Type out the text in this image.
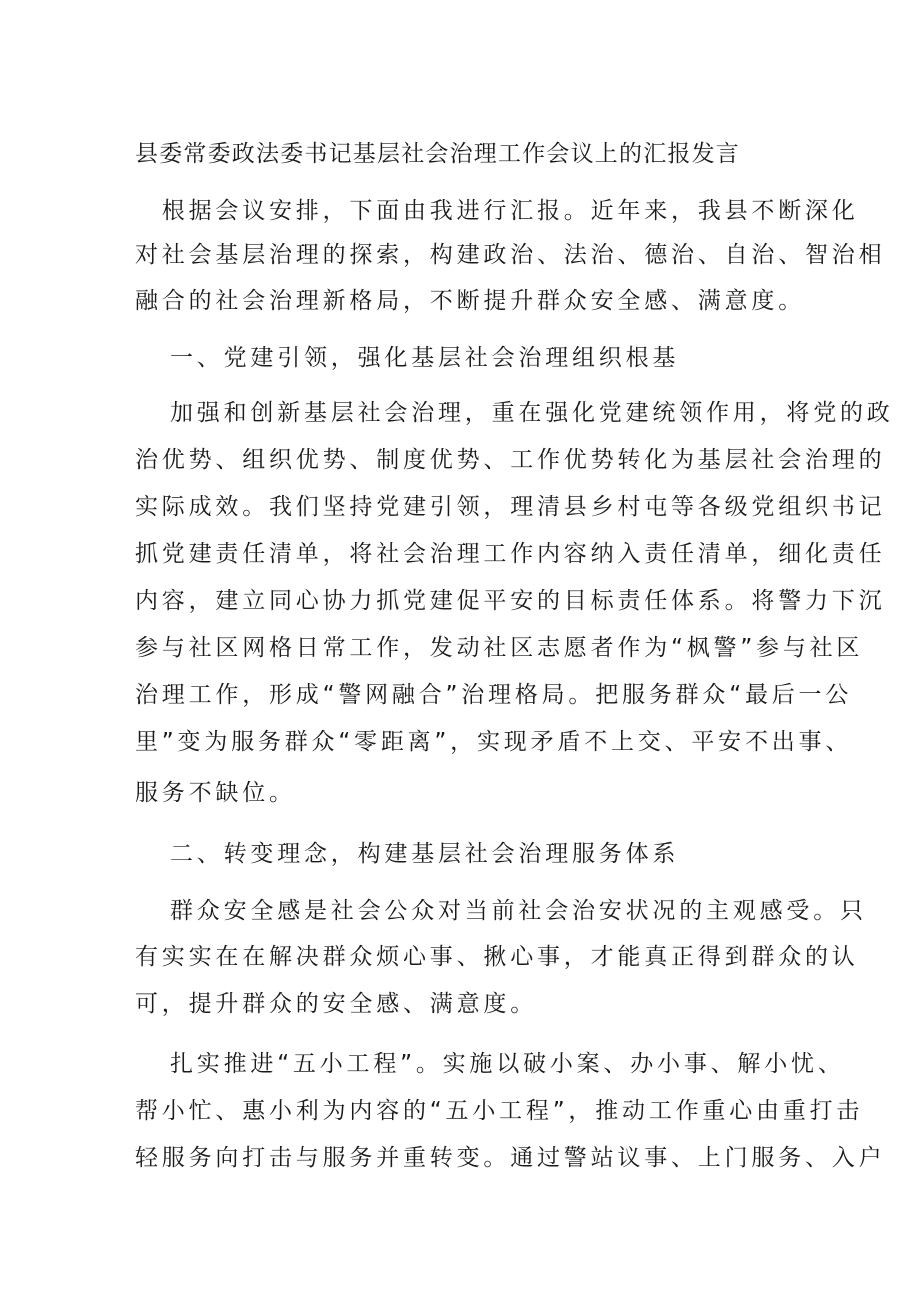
县委常委政法委书记基层社会治理工作会议上的汇报发言
　根据会议安排，下面由我进行汇报。近年来，我县不断深化
对社会基层治理的探索，构建政治、法治、德治、自治、智治相
融合的社会治理新格局，不断提升群众安全感、满意度。
一、党建引领，强化基层社会治理组织根基
加强和创新基层社会治理，重在强化党建统领作用，将党的政
治优势、组织优势、制度优势、工作优势转化为基层社会治理的
实际成效。我们坚持党建引领，理清县乡村屯等各级党组织书记
抓党建责任清单，将社会治理工作内容纳入责任清单，细化责任
内容，建立同心协力抓党建促平安的目标责任体系。将警力下沉
参与社区网格日常工作，发动社区志愿者作为“枫警”参与社区
治理工作，形成“警网融合”治理格局。把服务群众“最后一公
里”变为服务群众“零距离”，实现矛盾不上交、平安不出事、
服务不缺位。
二、转变理念，构建基层社会治理服务体系
群众安全感是社会公众对当前社会治安状况的主观感受。只
有实实在在解决群众烦心事、揪心事，才能真正得到群众的认
可，提升群众的安全感、满意度。
扎实推进“五小工程”。实施以破小案、办小事、解小忧、
帮小忙、惠小利为内容的“五小工程”，推动工作重心由重打击
轻服务向打击与服务并重转变。通过警站议事、上门服务、入户
